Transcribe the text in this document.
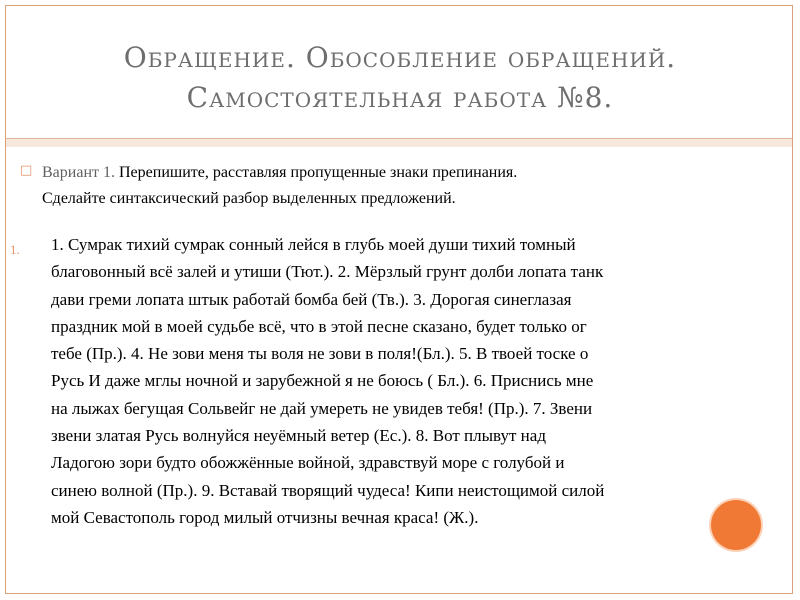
Обращение. Обособление обращений.
Самостоятельная работа №8.
□ Вариант 1. Перепишите, расставляя пропущенные знаки препинания.
Сделайте синтаксический разбор выделенных предложений.
1. 1. Сумрак тихий сумрак сонный лейся в глубь моей души тихий томный
благовонный всё залей и утиши (Тют.). 2. Мёрзлый грунт долби лопата танк
дави греми лопата штык работай бомба бей (Тв.). 3. Дорогая синеглазая
праздник мой в моей судьбе всё, что в этой песне сказано, будет только ог
тебе (Пр.). 4. Не зови меня ты воля не зови в поля!(Бл.). 5. В твоей тоске о
Русь И даже мглы ночной и зарубежной я не боюсь ( Бл.). 6. Приснись мне
на лыжах бегущая Сольвейг не дай умереть не увидев тебя! (Пр.). 7. Звени
звени златая Русь волнуйся неуёмный ветер (Ес.). 8. Вот плывут над
Ладогою зори будто обожжённые войной, здравствуй море с голубой и
синею волной (Пр.). 9. Вставай творящий чудеса! Кипи неистощимой силой
мой Севастополь город милый отчизны вечная краса! (Ж.).
